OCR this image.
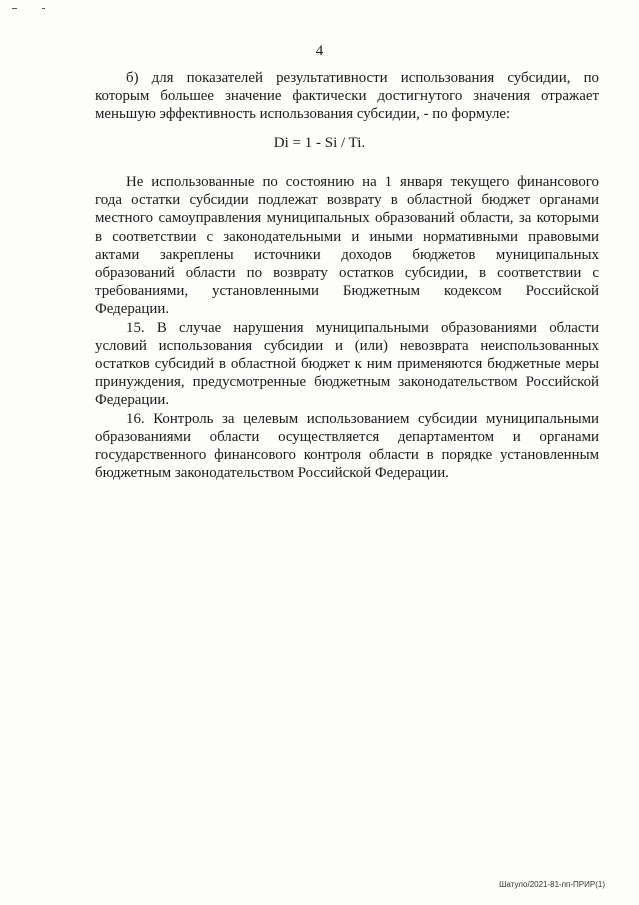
4
б) для показателей результативности использования субсидии, по
которым большее значение фактически достигнутого значения отражает
меньшую эффективность использования субсидии, - по формуле:
Di = 1 - Si / Ti.
Не использованные по состоянию на 1 января текущего финансового
года остатки субсидии подлежат возврату в областной бюджет органами
местного самоуправления муниципальных образований области, за которыми
в соответствии с законодательными и иными нормативными правовыми
актами закреплены источники доходов бюджетов муниципальных
образований области по возврату остатков субсидии, в соответствии с
требованиями, установленными Бюджетным кодексом Российской
Федерации.
15. В случае нарушения муниципальными образованиями области
условий использования субсидии и (или) невозврата неиспользованных
остатков субсидий в областной бюджет к ним применяются бюджетные меры
принуждения, предусмотренные бюджетным законодательством Российской
Федерации.
16. Контроль за целевым использованием субсидии муниципальными
образованиями области осуществляется департаментом и органами
государственного финансового контроля области в порядке установленным
бюджетным законодательством Российской Федерации.
Шатуло/2021-81-пп-ПРИР(1)
